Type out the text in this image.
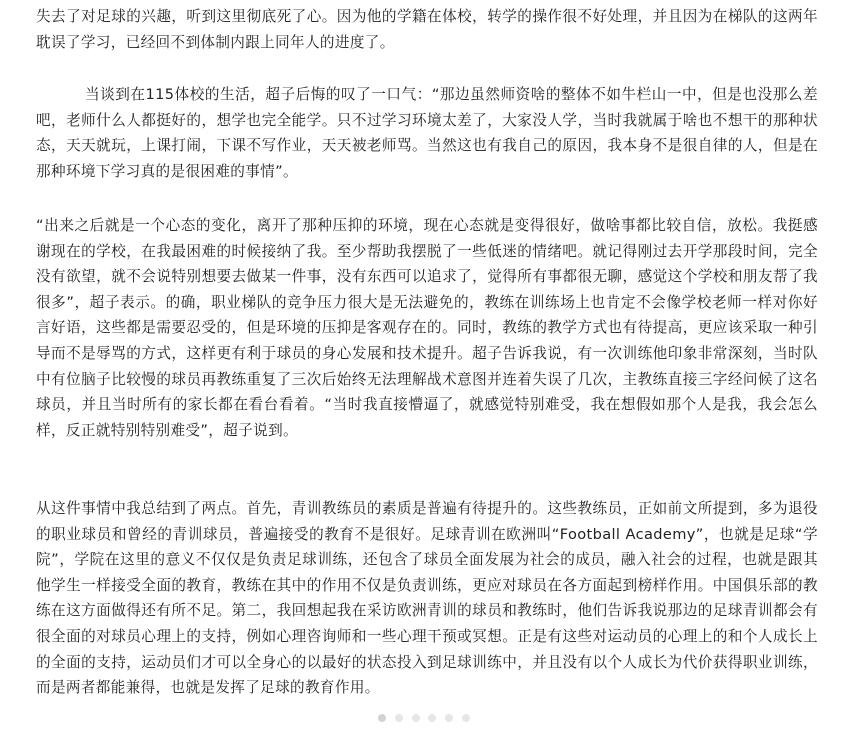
失去了对足球的兴趣，听到这里彻底死了心。因为他的学籍在体校，转学的操作很不好处理，并且因为在梯队的这两年耽误了学习，已经回不到体制内跟上同年人的进度了。

当谈到在115体校的生活，超子后悔的叹了一口气：“那边虽然师资啥的整体不如牛栏山一中，但是也没那么差吧，老师什么人都挺好的，想学也完全能学。只不过学习环境太差了，大家没人学，当时我就属于啥也不想干的那种状态，天天就玩，上课打闹，下课不写作业，天天被老师骂。当然这也有我自己的原因，我本身不是很自律的人，但是在那种环境下学习真的是很困难的事情”。

“出来之后就是一个心态的变化，离开了那种压抑的环境，现在心态就是变得很好，做啥事都比较自信，放松。我挺感谢现在的学校，在我最困难的时候接纳了我。至少帮助我摆脱了一些低迷的情绪吧。就记得刚过去开学那段时间，完全没有欲望，就不会说特别想要去做某一件事，没有东西可以追求了，觉得所有事都很无聊，感觉这个学校和朋友帮了我很多”，超子表示。的确，职业梯队的竞争压力很大是无法避免的，教练在训练场上也肯定不会像学校老师一样对你好言好语，这些都是需要忍受的，但是环境的压抑是客观存在的。同时，教练的教学方式也有待提高，更应该采取一种引导而不是辱骂的方式，这样更有利于球员的身心发展和技术提升。超子告诉我说，有一次训练他印象非常深刻，当时队中有位脑子比较慢的球员再教练重复了三次后始终无法理解战术意图并连着失误了几次，主教练直接三字经问候了这名球员，并且当时所有的家长都在看台看着。“当时我直接懵逼了，就感觉特别难受，我在想假如那个人是我，我会怎么样，反正就特别特别难受”，超子说到。

从这件事情中我总结到了两点。首先，青训教练员的素质是普遍有待提升的。这些教练员，正如前文所提到，多为退役的职业球员和曾经的青训球员，普遍接受的教育不是很好。足球青训在欧洲叫“Football Academy”，也就是足球“学院”，学院在这里的意义不仅仅是负责足球训练，还包含了球员全面发展为社会的成员，融入社会的过程，也就是跟其他学生一样接受全面的教育，教练在其中的作用不仅是负责训练，更应对球员在各方面起到榜样作用。中国俱乐部的教练在这方面做得还有所不足。第二，我回想起我在采访欧洲青训的球员和教练时，他们告诉我说那边的足球青训都会有很全面的对球员心理上的支持，例如心理咨询师和一些心理干预或冥想。正是有这些对运动员的心理上的和个人成长上的全面的支持，运动员们才可以全身心的以最好的状态投入到足球训练中，并且没有以个人成长为代价获得职业训练，而是两者都能兼得，也就是发挥了足球的教育作用。
